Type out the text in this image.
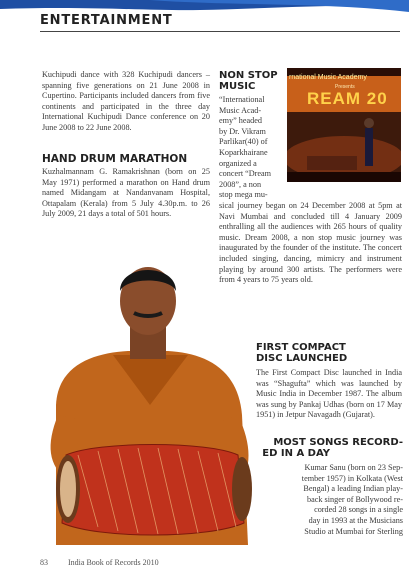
ENTERTAINMENT
Kuchipudi dance with 328 Kuchipudi dancers – spanning five generations on 21 June 2008 in Cupertino. Participants included dancers from five continents and participated in the three day International Kuchipudi Dance conference on 20 June 2008 to 22 June 2008.
HAND DRUM MARATHON
Kuzhalmannam G. Ramakrishnan (born on 25 May 1971) performed a marathon on Hand drum named Midangam at Nandanvanam Hospital, Ottapalam (Kerala) from 5 July 4.30p.m. to 26 July 2009, 21 days a total of 501 hours.
NON STOP
MUSIC
“International
Music Acad-
emy” headed
by Dr. Vikram
Parlikar(40) of
Koparkhairane
organized a
concert “Dream
2008”, a non
stop mega mu-
rnational Music Academy
Presents
REAM 20
sical journey began on 24 December 2008 at 5pm at Navi Mumbai and concluded till 4 January 2009 enthralling all the audiences with 265 hours of quality music. Dream 2008, a non stop music journey was inaugurated by the founder of the institute. The concert included singing, dancing, mimicry and instrument playing by around 300 artists. The performers were from 4 years to 75 years old.
FIRST COMPACT
DISC LAUNCHED
The First Compact Disc launched in India was “Shagufta” which was launched by Music India in December 1987. The album was sung by Pankaj Udhas (born on 17 May 1951) in Jetpur Navagadh (Gujarat).
MOST SONGS RECORD-
ED IN A DAY
Kumar Sanu (born on 23 Sep-
tember 1957) in Kolkata (West
Bengal) a leading Indian play-
back singer of Bollywood re-
corded 28 songs in a single
day in 1993 at the Musicians
Studio at Mumbai for Sterling
83	India Book of Records 2010
